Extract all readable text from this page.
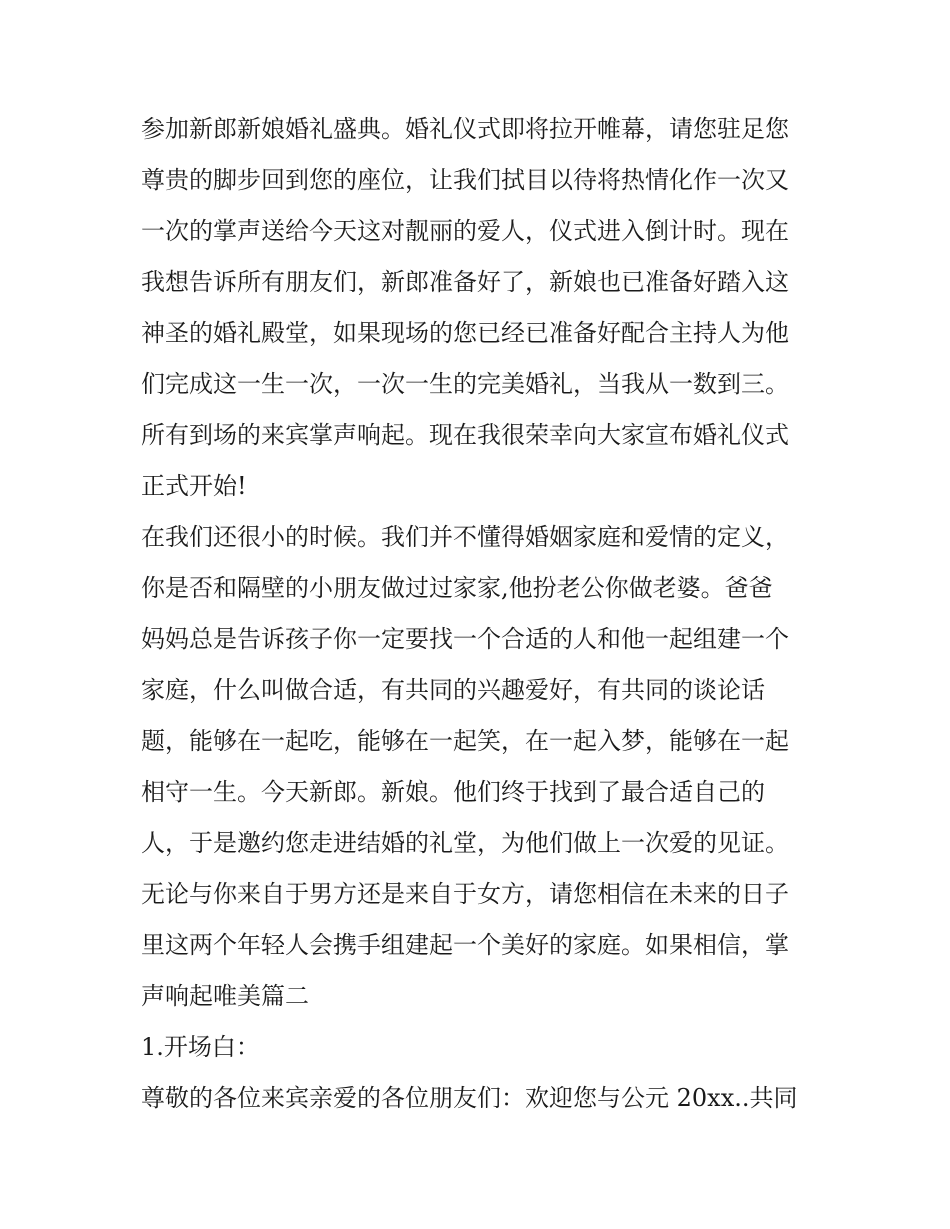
参加新郎新娘婚礼盛典。婚礼仪式即将拉开帷幕，请您驻足您
尊贵的脚步回到您的座位，让我们拭目以待将热情化作一次又
一次的掌声送给今天这对靓丽的爱人，仪式进入倒计时。现在
我想告诉所有朋友们，新郎准备好了，新娘也已准备好踏入这
神圣的婚礼殿堂，如果现场的您已经已准备好配合主持人为他
们完成这一生一次，一次一生的完美婚礼，当我从一数到三。
所有到场的来宾掌声响起。现在我很荣幸向大家宣布婚礼仪式
正式开始!
在我们还很小的时候。我们并不懂得婚姻家庭和爱情的定义，
你是否和隔壁的小朋友做过过家家,他扮老公你做老婆。爸爸
妈妈总是告诉孩子你一定要找一个合适的人和他一起组建一个
家庭，什么叫做合适，有共同的兴趣爱好，有共同的谈论话
题，能够在一起吃，能够在一起笑，在一起入梦，能够在一起
相守一生。今天新郎。新娘。他们终于找到了最合适自己的
人，于是邀约您走进结婚的礼堂，为他们做上一次爱的见证。
无论与你来自于男方还是来自于女方，请您相信在未来的日子
里这两个年轻人会携手组建起一个美好的家庭。如果相信，掌
声响起唯美篇二
1.开场白：
尊敬的各位来宾亲爱的各位朋友们：欢迎您与公元 20xx..共同
